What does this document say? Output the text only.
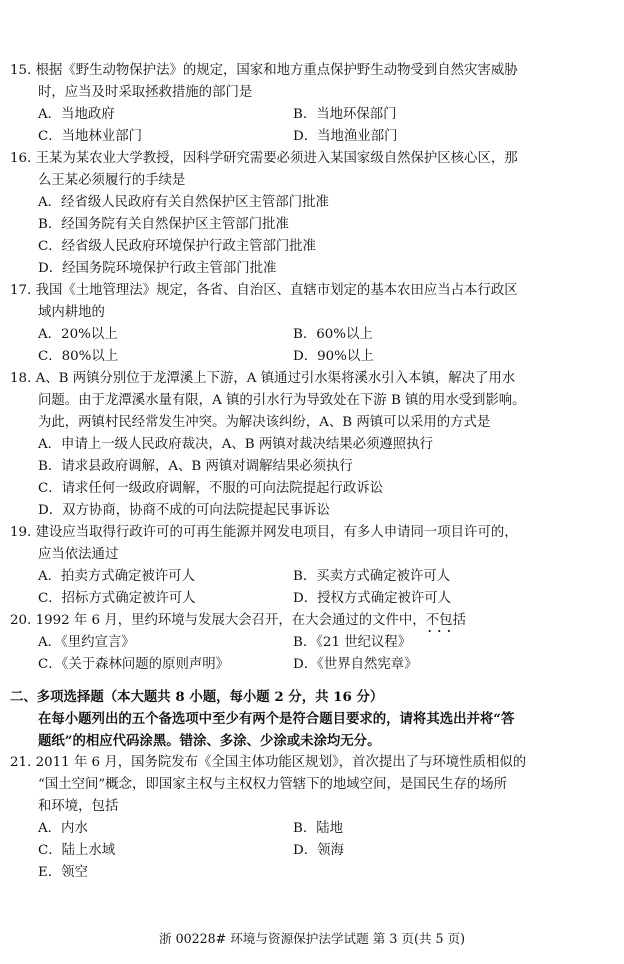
15. 根据《野生动物保护法》的规定，国家和地方重点保护野生动物受到自然灾害威胁
时，应当及时采取拯救措施的部门是
A．当地政府	B．当地环保部门
C．当地林业部门	D．当地渔业部门
16. 王某为某农业大学教授，因科学研究需要必须进入某国家级自然保护区核心区，那
么王某必须履行的手续是
A．经省级人民政府有关自然保护区主管部门批准
B．经国务院有关自然保护区主管部门批准
C．经省级人民政府环境保护行政主管部门批准
D．经国务院环境保护行政主管部门批准
17. 我国《土地管理法》规定，各省、自治区、直辖市划定的基本农田应当占本行政区
域内耕地的
A．20%以上	B．60%以上
C．80%以上	D．90%以上
18. A、B 两镇分别位于龙潭溪上下游，A 镇通过引水渠将溪水引入本镇，解决了用水
问题。由于龙潭溪水量有限，A 镇的引水行为导致处在下游 B 镇的用水受到影响。
为此，两镇村民经常发生冲突。为解决该纠纷，A、B 两镇可以采用的方式是
A．申请上一级人民政府裁决，A、B 两镇对裁决结果必须遵照执行
B．请求县政府调解，A、B 两镇对调解结果必须执行
C．请求任何一级政府调解，不服的可向法院提起行政诉讼
D．双方协商，协商不成的可向法院提起民事诉讼
19. 建设应当取得行政许可的可再生能源并网发电项目，有多人申请同一项目许可的，
应当依法通过
A．拍卖方式确定被许可人	B．买卖方式确定被许可人
C．招标方式确定被许可人	D．授权方式确定被许可人
20. 1992 年 6 月，里约环境与发展大会召开，在大会通过的文件中，不包括 · · ·
A．《里约宣言》	B．《21 世纪议程》
C．《关于森林问题的原则声明》	D．《世界自然宪章》
二、多项选择题（本大题共 8 小题，每小题 2 分，共 16 分）
在每小题列出的五个备选项中至少有两个是符合题目要求的，请将其选出并将“答
题纸”的相应代码涂黑。错涂、多涂、少涂或未涂均无分。
21. 2011 年 6 月，国务院发布《全国主体功能区规划》，首次提出了与环境性质相似的
“国土空间”概念，即国家主权与主权权力管辖下的地域空间，是国民生存的场所
和环境，包括
A．内水	B．陆地
C．陆上水域	D．领海
E．领空
浙 00228# 环境与资源保护法学试题 第 3 页(共 5 页)
